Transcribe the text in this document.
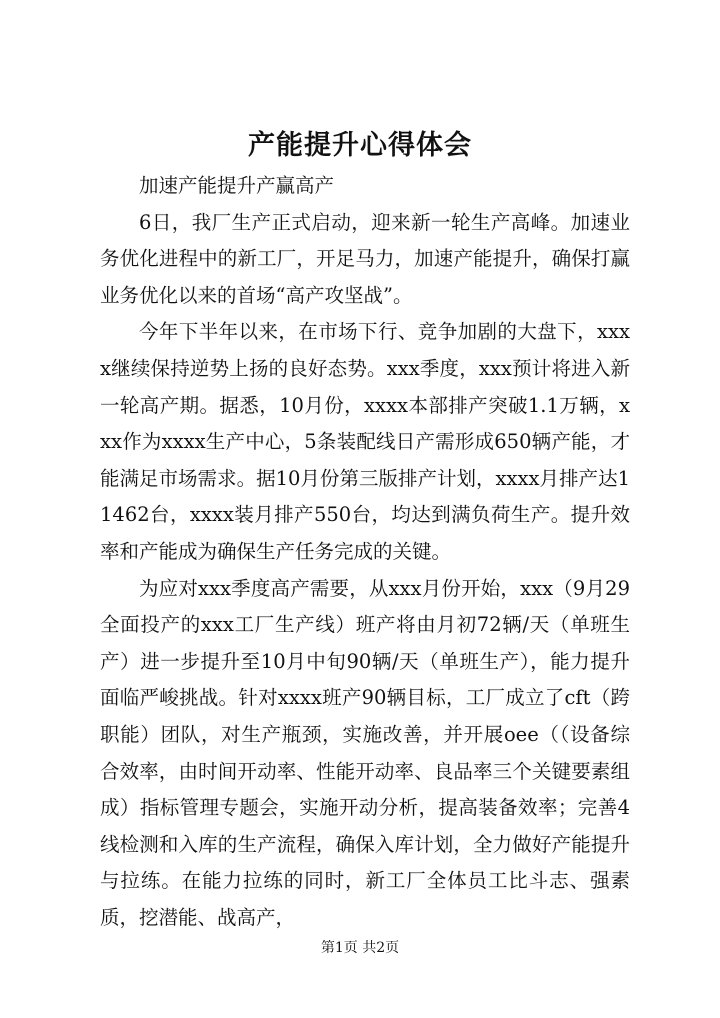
产能提升心得体会

加速产能提升产赢高产

6日，我厂生产正式启动，迎来新一轮生产高峰。加速业务优化进程中的新工厂，开足马力，加速产能提升，确保打赢业务优化以来的首场“高产攻坚战”。

今年下半年以来，在市场下行、竞争加剧的大盘下，xxxx继续保持逆势上扬的良好态势。xxx季度，xxx预计将进入新一轮高产期。据悉，10月份，xxxx本部排产突破1.1万辆，xxx作为xxxx生产中心，5条装配线日产需形成650辆产能，才能满足市场需求。据10月份第三版排产计划，xxxx月排产达11462台，xxxx装月排产550台，均达到满负荷生产。提升效率和产能成为确保生产任务完成的关键。

为应对xxx季度高产需要，从xxx月份开始，xxx（9月29全面投产的xxx工厂生产线）班产将由月初72辆/天（单班生产）进一步提升至10月中旬90辆/天（单班生产），能力提升面临严峻挑战。针对xxxx班产90辆目标，工厂成立了cft（跨职能）团队，对生产瓶颈，实施改善，并开展oee（（设备综合效率，由时间开动率、性能开动率、良品率三个关键要素组成）指标管理专题会，实施开动分析，提高装备效率；完善4线检测和入库的生产流程，确保入库计划，全力做好产能提升与拉练。在能力拉练的同时，新工厂全体员工比斗志、强素质，挖潜能、战高产，

第1页 共2页
